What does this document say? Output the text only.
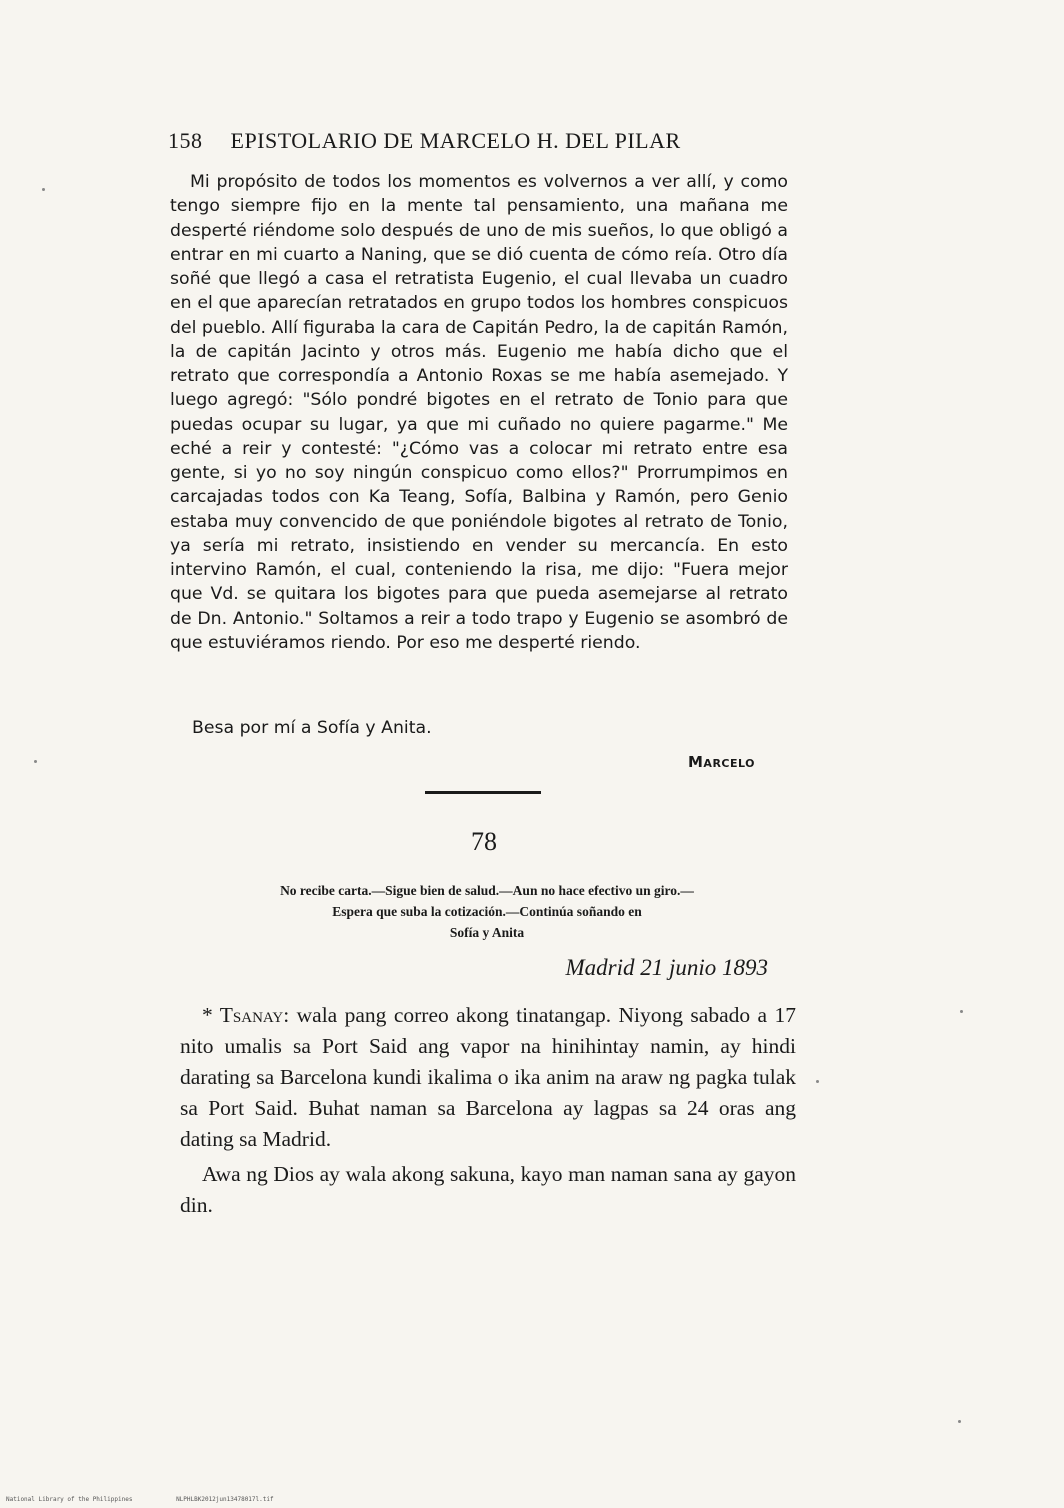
158 EPISTOLARIO DE MARCELO H. DEL PILAR

Mi propósito de todos los momentos es volvernos a ver allí, y como tengo siempre fijo en la mente tal pensamiento, una mañana me desperté riéndome solo después de uno de mis sueños, lo que obligó a entrar en mi cuarto a Naning, que se dió cuenta de cómo reía. Otro día soñé que llegó a casa el retratista Eugenio, el cual llevaba un cuadro en el que aparecían retratados en grupo todos los hombres conspicuos del pueblo. Allí figuraba la cara de Capitán Pedro, la de capitán Ramón, la de capitán Jacinto y otros más. Eugenio me había dicho que el retrato que correspondía a Antonio Roxas se me había asemejado. Y luego agregó: "Sólo pondré bigotes en el retrato de Tonio para que puedas ocupar su lugar, ya que mi cuñado no quiere pagarme." Me eché a reir y contesté: "¿Cómo vas a colocar mi retrato entre esa gente, si yo no soy ningún conspicuo como ellos?" Prorrumpimos en carcajadas todos con Ka Teang, Sofía, Balbina y Ramón, pero Genio estaba muy convencido de que poniéndole bigotes al retrato de Tonio, ya sería mi retrato, insistiendo en vender su mercancía. En esto intervino Ramón, el cual, conteniendo la risa, me dijo: "Fuera mejor que Vd. se quitara los bigotes para que pueda asemejarse al retrato de Dn. Antonio." Soltamos a reir a todo trapo y Eugenio se asombró de que estuviéramos riendo. Por eso me desperté riendo.

Besa por mí a Sofía y Anita.
Marcelo
78
No recibe carta.—Sigue bien de salud.—Aun no hace efectivo un giro.—
Espera que suba la cotización.—Continúa soñando en
Sofía y Anita
Madrid 21 junio 1893

* Tsanay: wala pang correo akong tinatangap. Niyong sabado a 17 nito umalis sa Port Said ang vapor na hinihintay namin, ay hindi darating sa Barcelona kundi ikalima o ika anim na araw ng pagka tulak sa Port Said. Buhat naman sa Barcelona ay lagpas sa 24 oras ang dating sa Madrid.

Awa ng Dios ay wala akong sakuna, kayo man naman sana ay gayon din.

National Library of the Philippines	NLPHLBK2012jun13478017l.tif
